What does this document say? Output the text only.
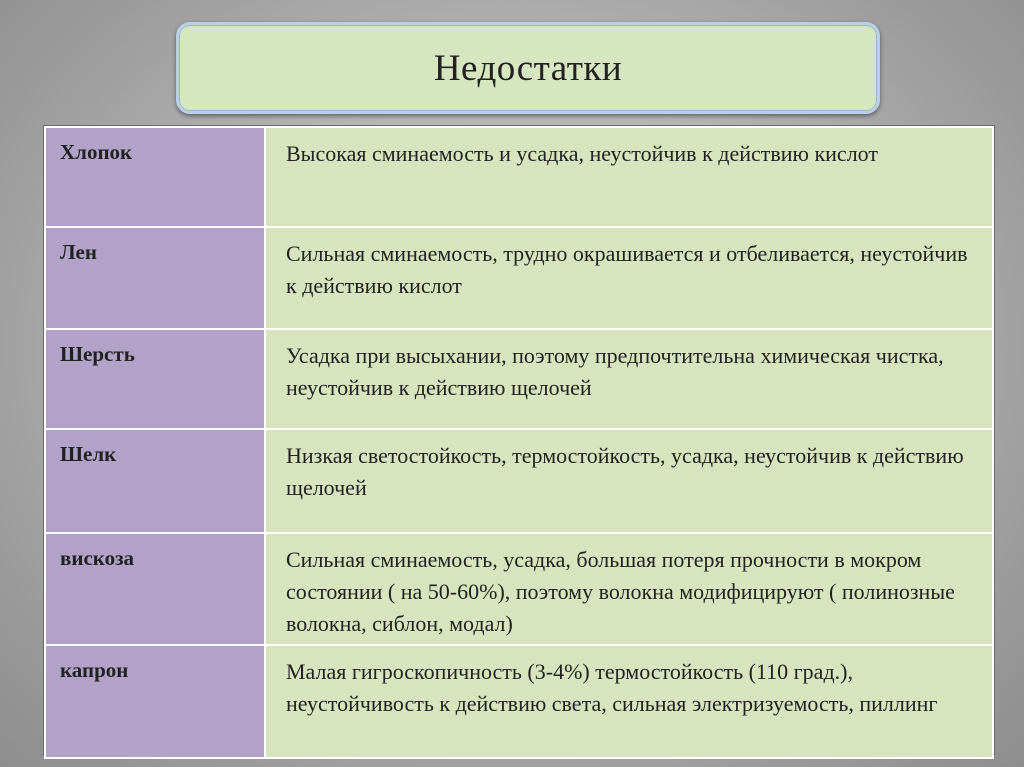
Недостатки
Хлопок	Высокая сминаемость и усадка, неустойчив к действию кислот
Лен	Сильная сминаемость, трудно окрашивается и отбеливается, неустойчив к действию кислот
Шерсть	Усадка при высыхании, поэтому предпочтительна химическая чистка, неустойчив к действию щелочей
Шелк	Низкая светостойкость, термостойкость, усадка, неустойчив к действию щелочей
вискоза	Сильная сминаемость, усадка, большая потеря прочности в мокром состоянии ( на 50-60%), поэтому волокна модифицируют ( полинозные волокна, сиблон, модал)
капрон	Малая гигроскопичность (3-4%) термостойкость (110 град.), неустойчивость к действию света, сильная электризуемость, пиллинг
